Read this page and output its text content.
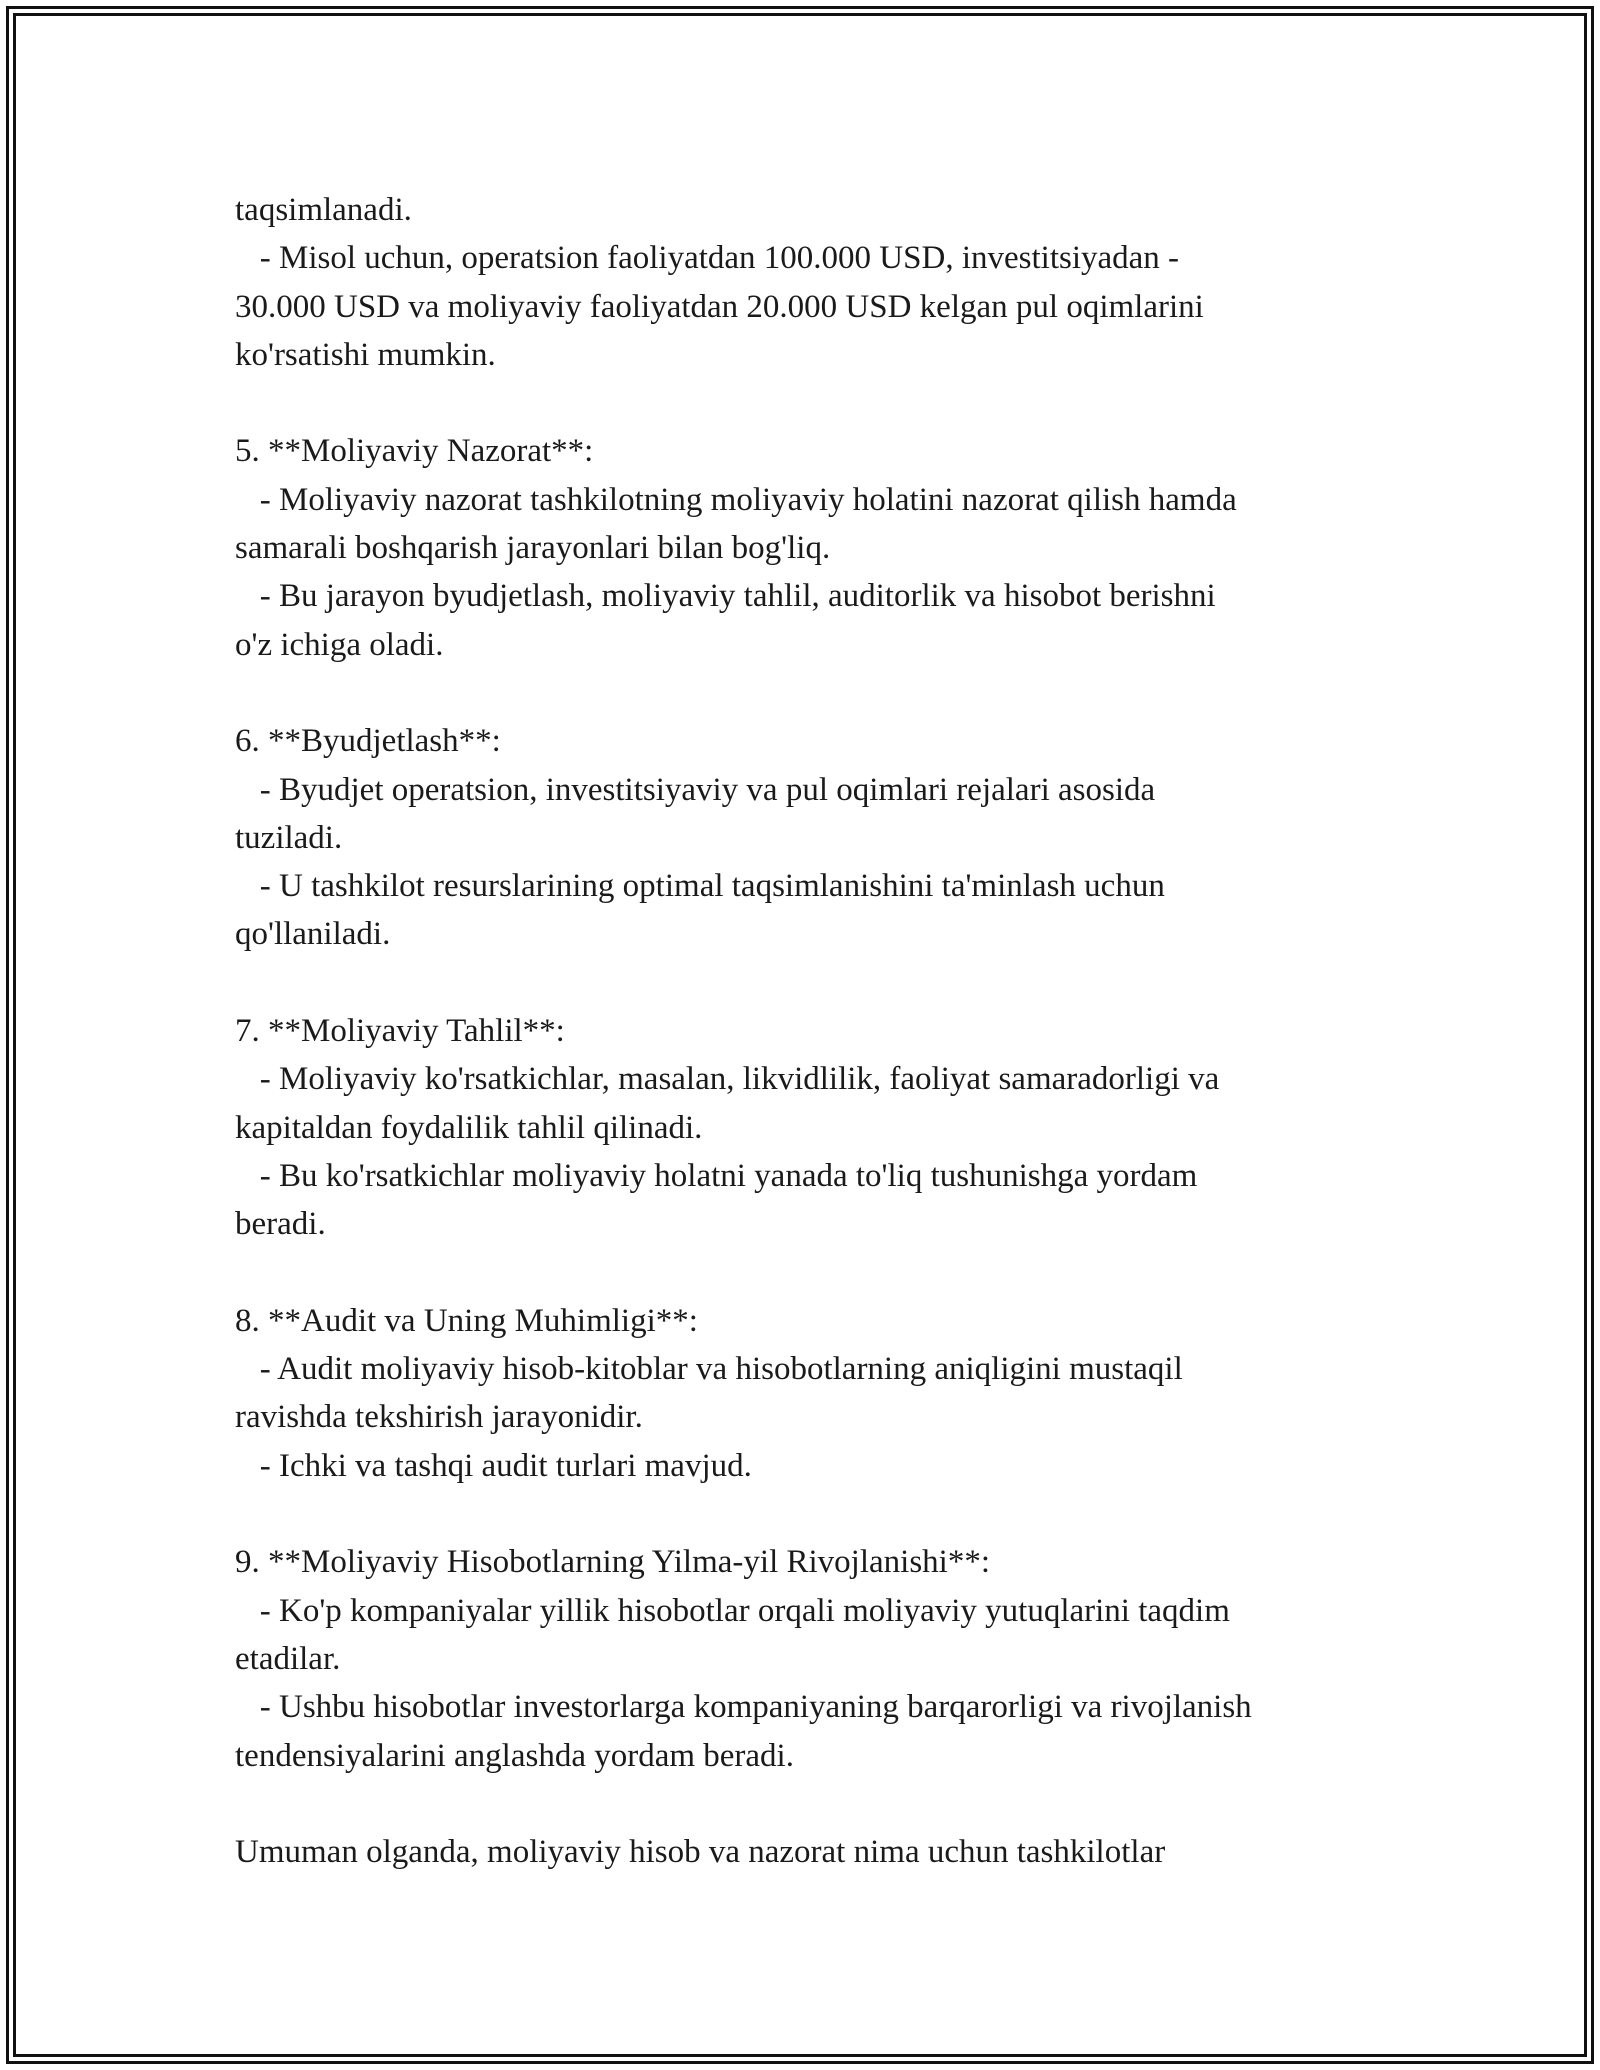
taqsimlanadi.
- Misol uchun, operatsion faoliyatdan 100.000 USD, investitsiyadan -
30.000 USD va moliyaviy faoliyatdan 20.000 USD kelgan pul oqimlarini
ko'rsatishi mumkin.
5. **Moliyaviy Nazorat**:
- Moliyaviy nazorat tashkilotning moliyaviy holatini nazorat qilish hamda
samarali boshqarish jarayonlari bilan bog'liq.
- Bu jarayon byudjetlash, moliyaviy tahlil, auditorlik va hisobot berishni
o'z ichiga oladi.
6. **Byudjetlash**:
- Byudjet operatsion, investitsiyaviy va pul oqimlari rejalari asosida
tuziladi.
- U tashkilot resurslarining optimal taqsimlanishini ta'minlash uchun
qo'llaniladi.
7. **Moliyaviy Tahlil**:
- Moliyaviy ko'rsatkichlar, masalan, likvidlilik, faoliyat samaradorligi va
kapitaldan foydalilik tahlil qilinadi.
- Bu ko'rsatkichlar moliyaviy holatni yanada to'liq tushunishga yordam
beradi.
8. **Audit va Uning Muhimligi**:
- Audit moliyaviy hisob-kitoblar va hisobotlarning aniqligini mustaqil
ravishda tekshirish jarayonidir.
- Ichki va tashqi audit turlari mavjud.
9. **Moliyaviy Hisobotlarning Yilma-yil Rivojlanishi**:
- Ko'p kompaniyalar yillik hisobotlar orqali moliyaviy yutuqlarini taqdim
etadilar.
- Ushbu hisobotlar investorlarga kompaniyaning barqarorligi va rivojlanish
tendensiyalarini anglashda yordam beradi.
Umuman olganda, moliyaviy hisob va nazorat nima uchun tashkilotlar
